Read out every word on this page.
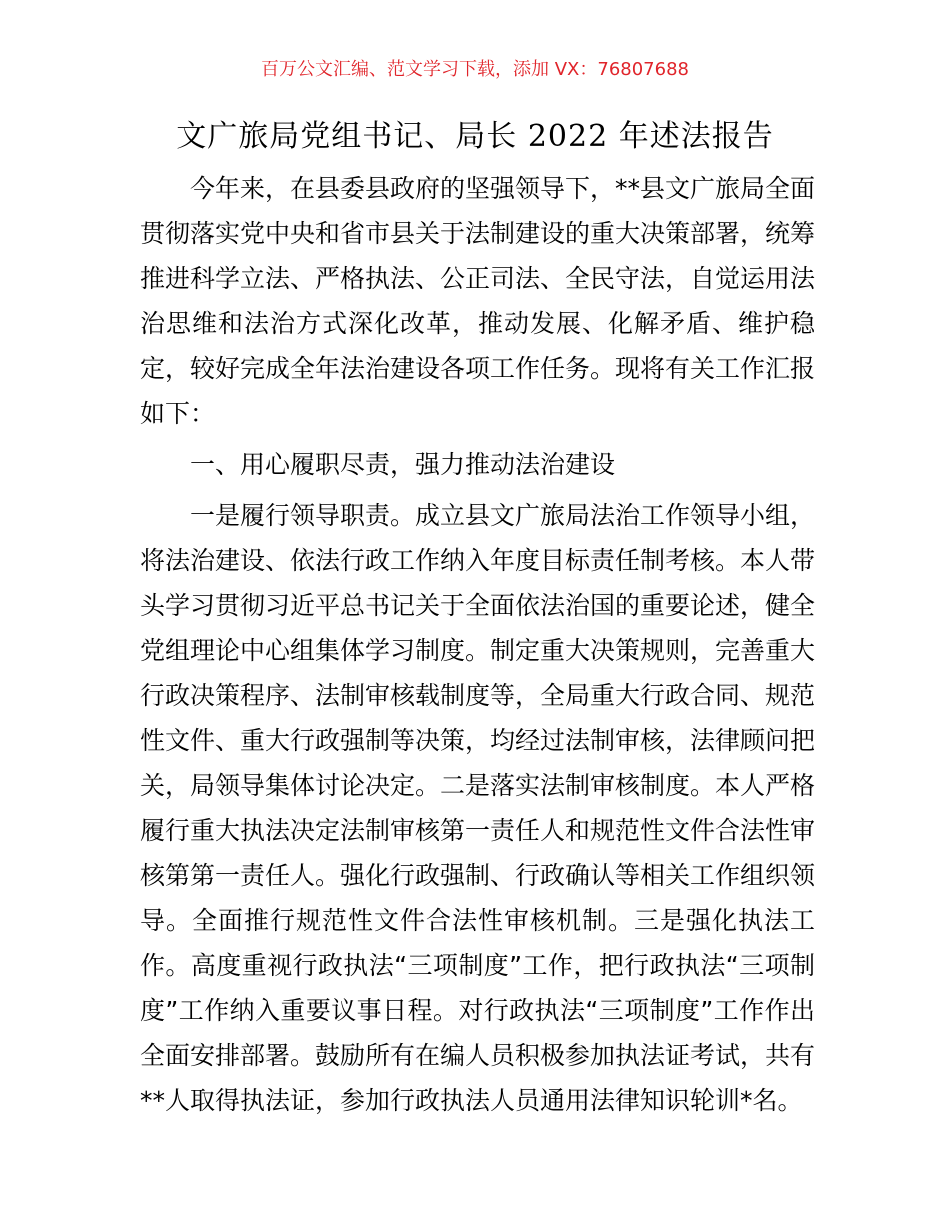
百万公文汇编、范文学习下载，添加 VX：76807688
文广旅局党组书记、局长 2022 年述法报告

今年来，在县委县政府的坚强领导下，**县文广旅局全面贯彻落实党中央和省市县关于法制建设的重大决策部署，统筹推进科学立法、严格执法、公正司法、全民守法，自觉运用法治思维和法治方式深化改革，推动发展、化解矛盾、维护稳定，较好完成全年法治建设各项工作任务。现将有关工作汇报如下：

一、用心履职尽责，强力推动法治建设

一是履行领导职责。成立县文广旅局法治工作领导小组，将法治建设、依法行政工作纳入年度目标责任制考核。本人带头学习贯彻习近平总书记关于全面依法治国的重要论述，健全党组理论中心组集体学习制度。制定重大决策规则，完善重大行政决策程序、法制审核载制度等，全局重大行政合同、规范性文件、重大行政强制等决策，均经过法制审核，法律顾问把关，局领导集体讨论决定。二是落实法制审核制度。本人严格履行重大执法决定法制审核第一责任人和规范性文件合法性审核第第一责任人。强化行政强制、行政确认等相关工作组织领导。全面推行规范性文件合法性审核机制。三是强化执法工作。高度重视行政执法“三项制度”工作，把行政执法“三项制度”工作纳入重要议事日程。对行政执法“三项制度”工作作出全面安排部署。鼓励所有在编人员积极参加执法证考试，共有**人取得执法证，参加行政执法人员通用法律知识轮训*名。
